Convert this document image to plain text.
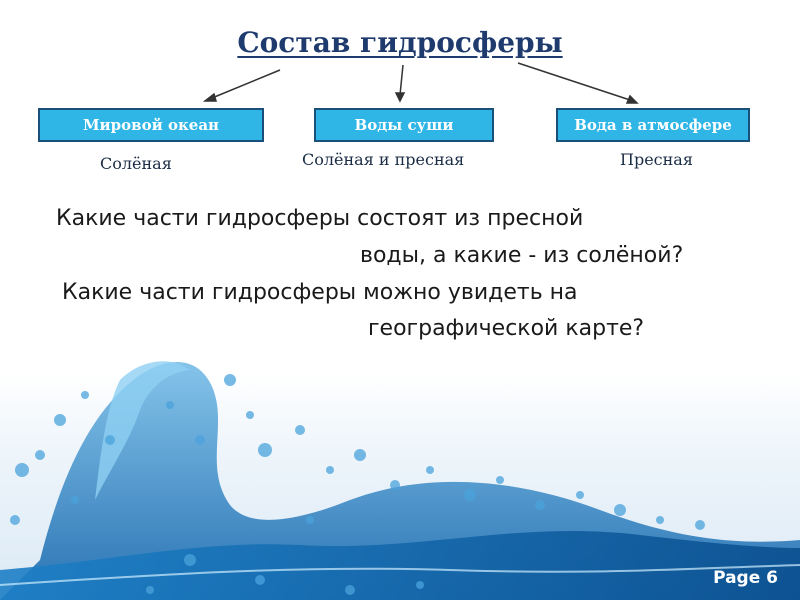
Состав гидросферы
Мировой океан	Воды суши	Вода в атмосфере
Солёная	Солёная и пресная	Пресная
Какие части гидросферы состоят из пресной
воды, а какие - из солёной?
Какие части гидросферы можно увидеть на
географической карте?
Page 6
